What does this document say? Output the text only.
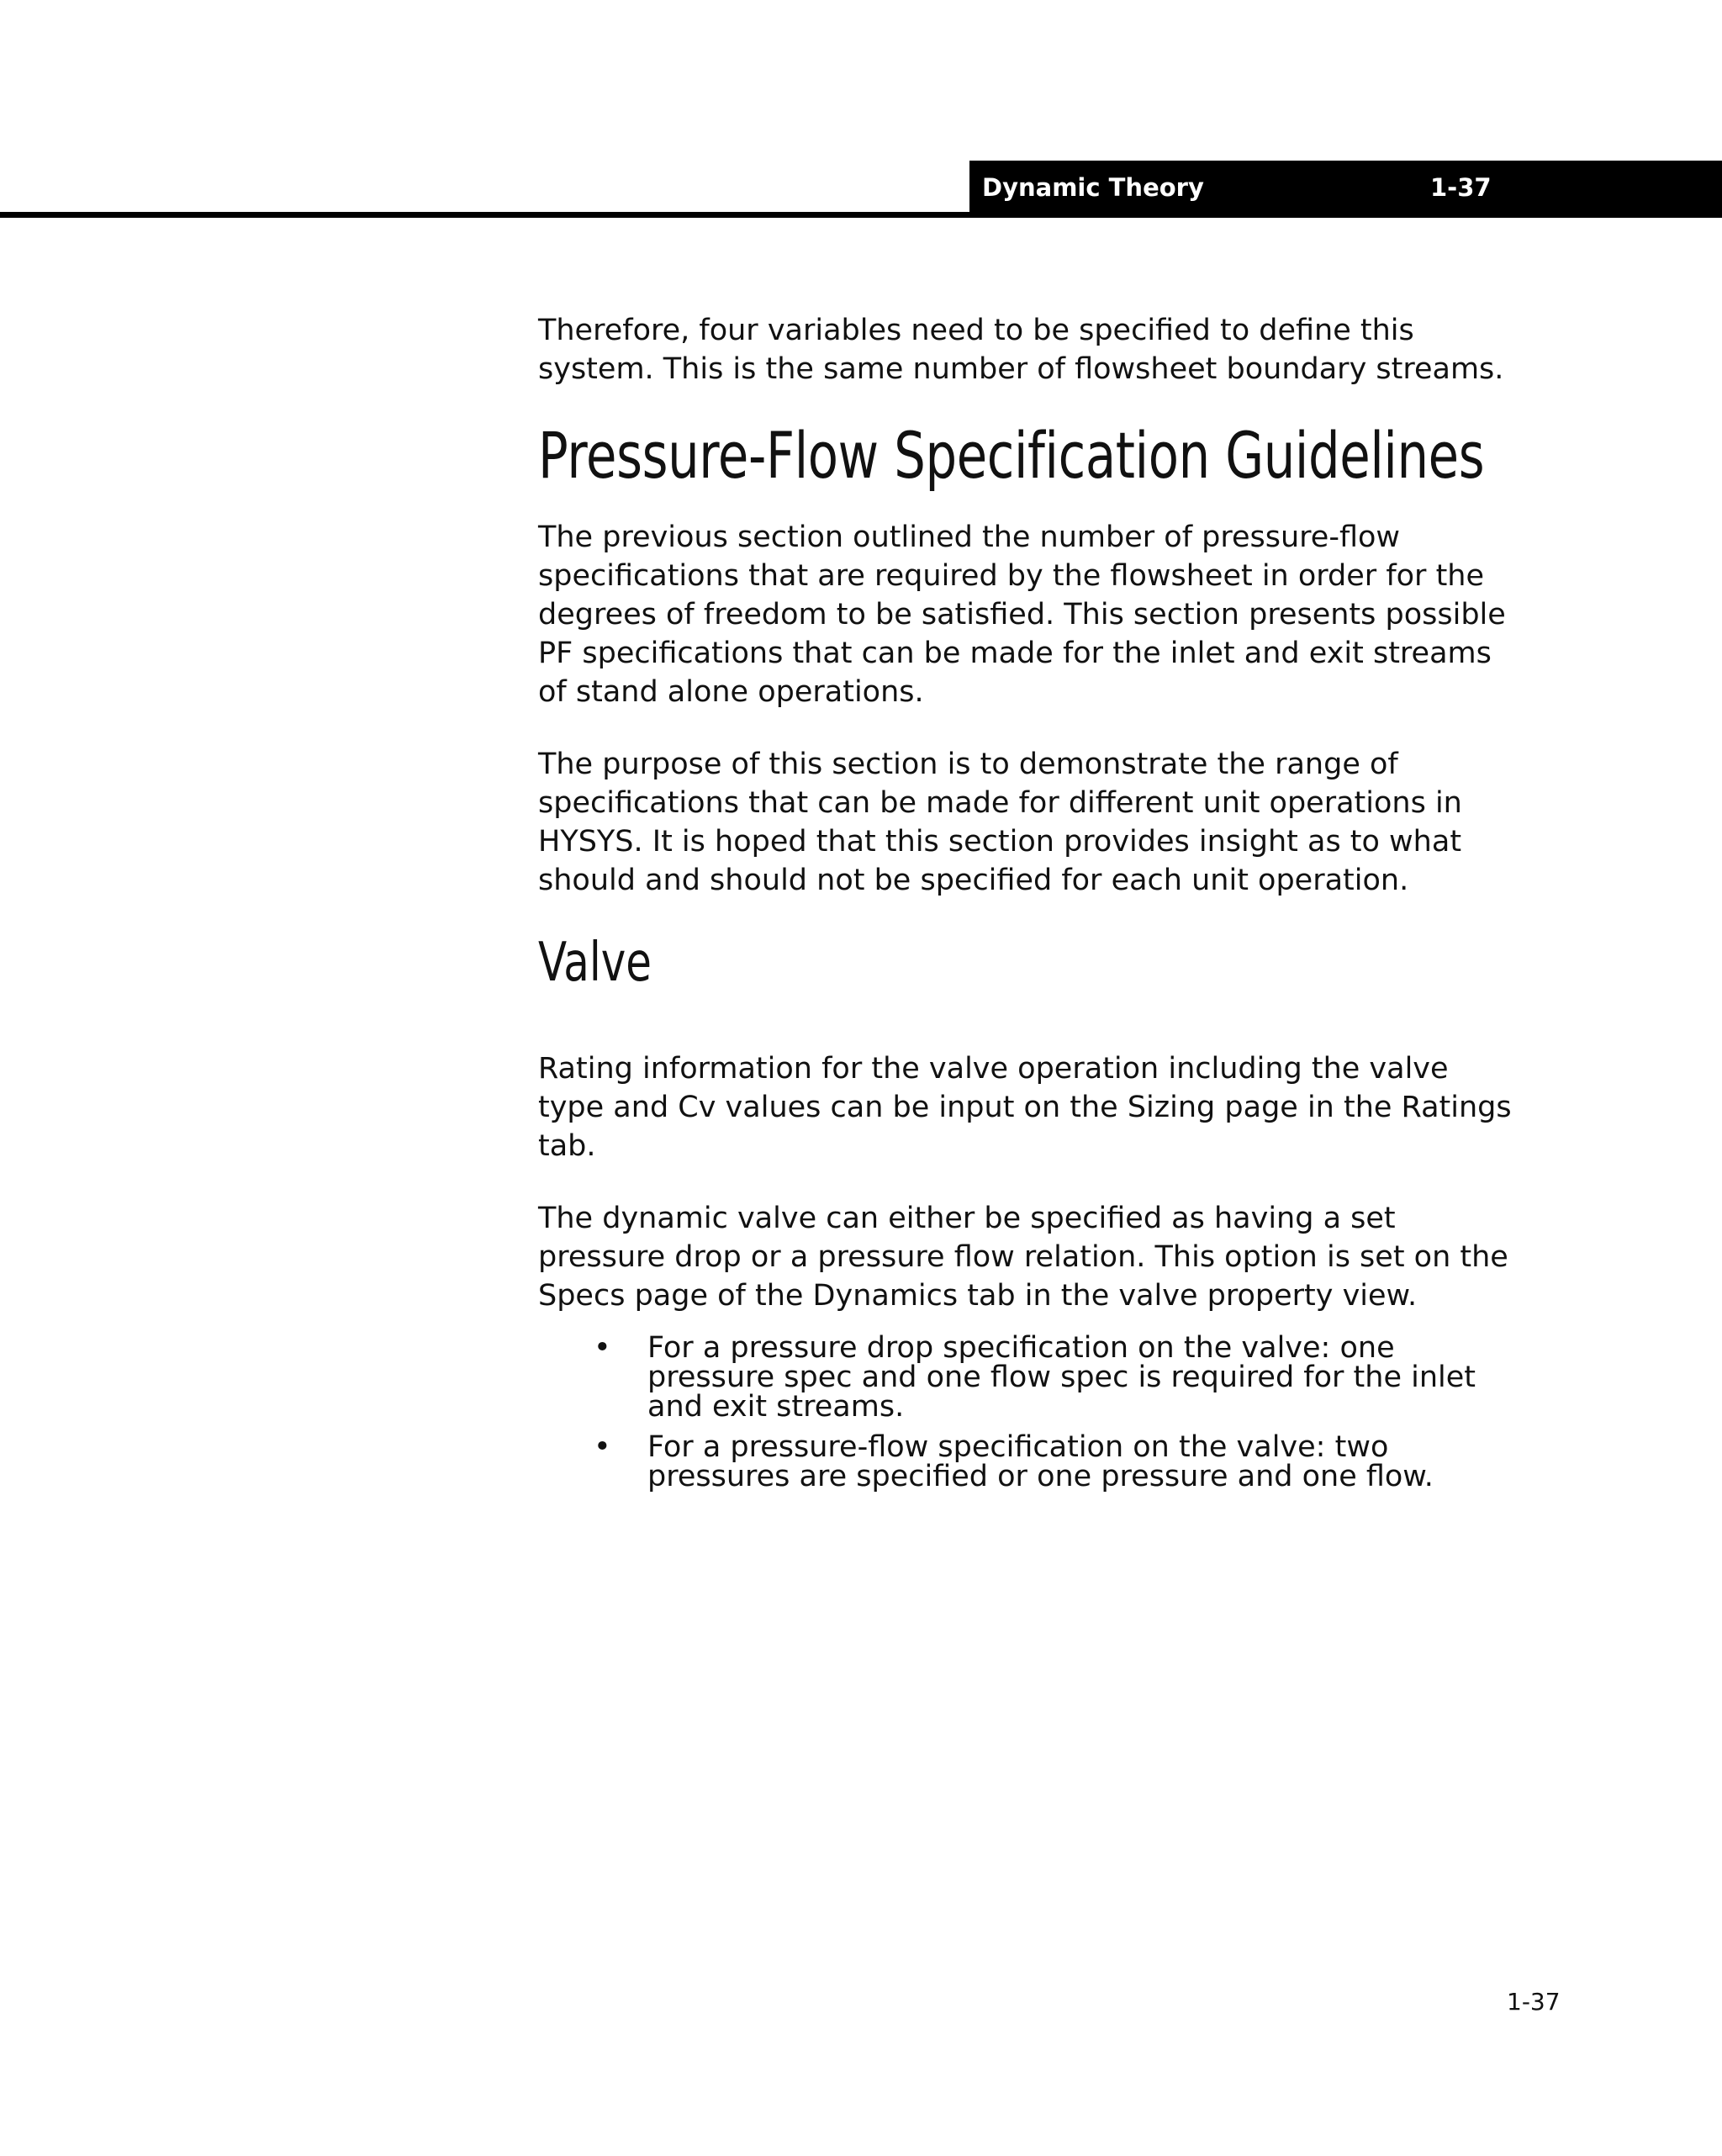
Dynamic Theory	1-37

Therefore, four variables need to be specified to define this system. This is the same number of flowsheet boundary streams.

Pressure-Flow Specification Guidelines

The previous section outlined the number of pressure-flow specifications that are required by the flowsheet in order for the degrees of freedom to be satisfied. This section presents possible PF specifications that can be made for the inlet and exit streams of stand alone operations.

The purpose of this section is to demonstrate the range of specifications that can be made for different unit operations in HYSYS. It is hoped that this section provides insight as to what should and should not be specified for each unit operation.

Valve

Rating information for the valve operation including the valve type and Cv values can be input on the Sizing page in the Ratings tab.

The dynamic valve can either be specified as having a set pressure drop or a pressure flow relation. This option is set on the Specs page of the Dynamics tab in the valve property view.

• For a pressure drop specification on the valve: one pressure spec and one flow spec is required for the inlet and exit streams.
• For a pressure-flow specification on the valve: two pressures are specified or one pressure and one flow.
1-37
